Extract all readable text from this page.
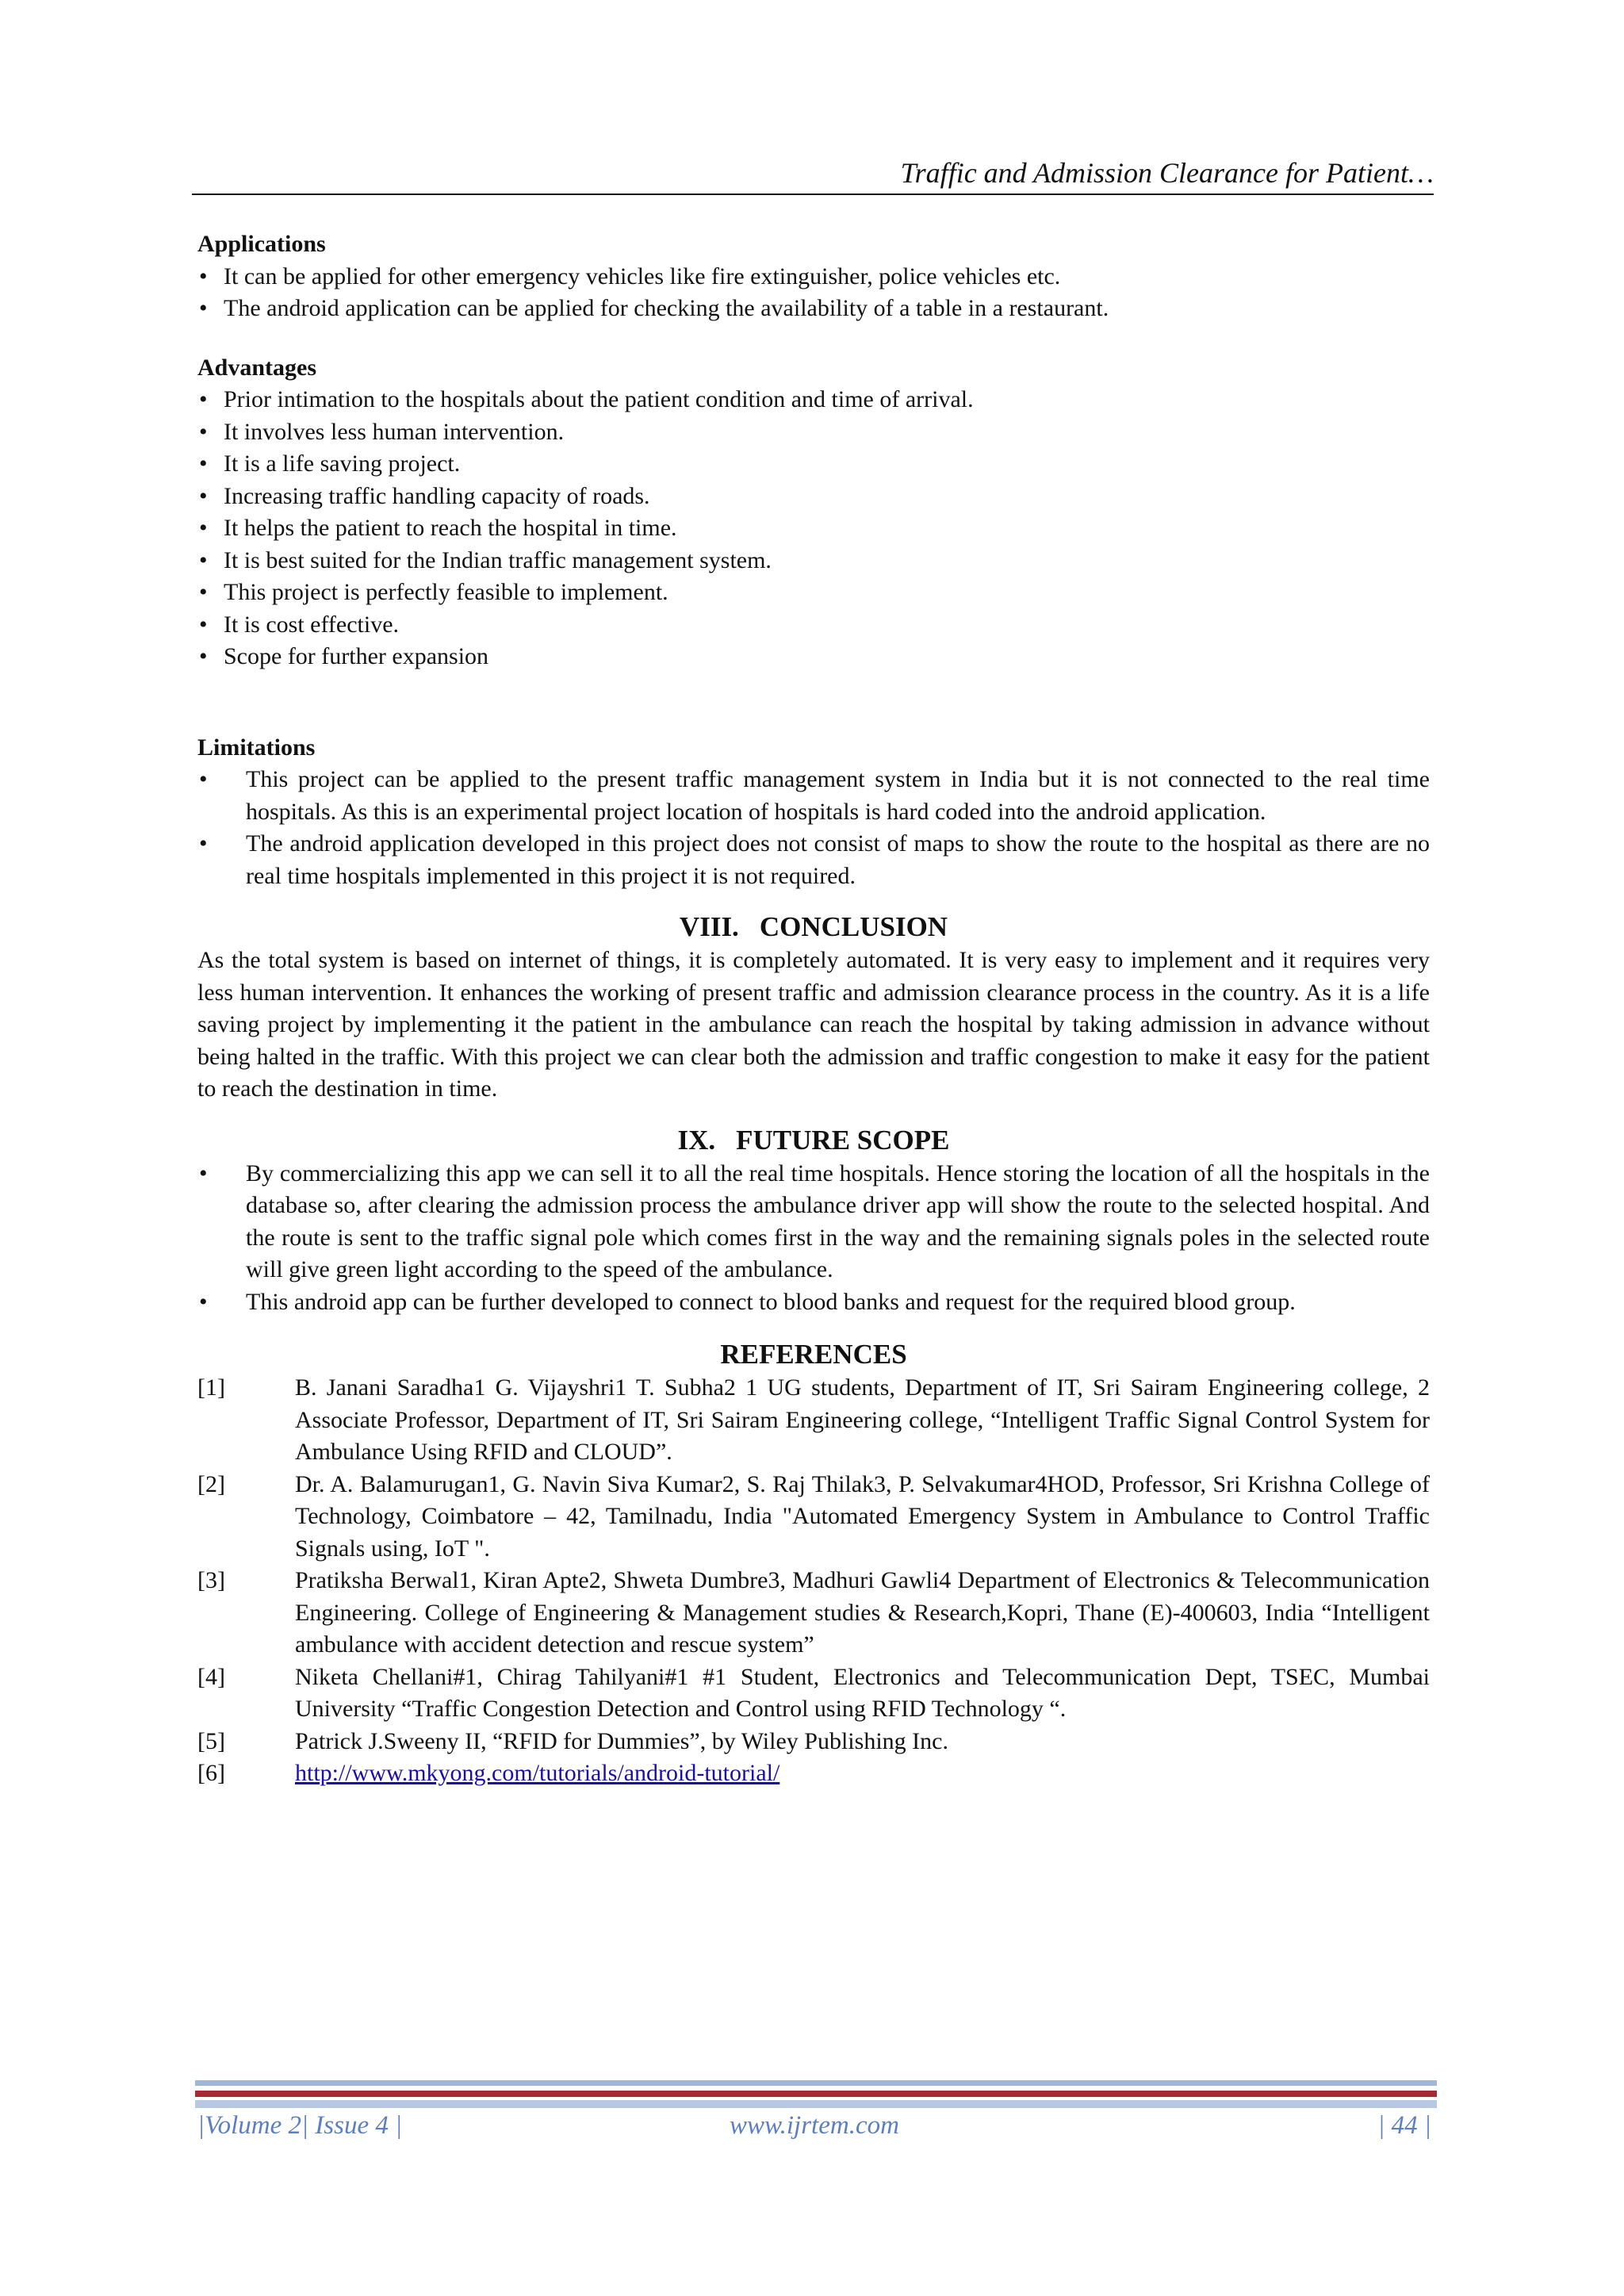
Traffic and Admission Clearance for Patient…

Applications

• It can be applied for other emergency vehicles like fire extinguisher, police vehicles etc.
• The android application can be applied for checking the availability of a table in a restaurant.

Advantages

• Prior intimation to the hospitals about the patient condition and time of arrival.
• It involves less human intervention.
• It is a life saving project.
• Increasing traffic handling capacity of roads.
• It helps the patient to reach the hospital in time.
• It is best suited for the Indian traffic management system.
• This project is perfectly feasible to implement.
• It is cost effective.
• Scope for further expansion

Limitations

• This project can be applied to the present traffic management system in India but it is not connected to the real time hospitals. As this is an experimental project location of hospitals is hard coded into the android application.
• The android application developed in this project does not consist of maps to show the route to the hospital as there are no real time hospitals implemented in this project it is not required.
VIII. CONCLUSION

As the total system is based on internet of things, it is completely automated. It is very easy to implement and it requires very less human intervention. It enhances the working of present traffic and admission clearance process in the country. As it is a life saving project by implementing it the patient in the ambulance can reach the hospital by taking admission in advance without being halted in the traffic. With this project we can clear both the admission and traffic congestion to make it easy for the patient to reach the destination in time.

IX. FUTURE SCOPE
• By commercializing this app we can sell it to all the real time hospitals. Hence storing the location of all the hospitals in the database so, after clearing the admission process the ambulance driver app will show the route to the selected hospital. And the route is sent to the traffic signal pole which comes first in the way and the remaining signals poles in the selected route will give green light according to the speed of the ambulance.
• This android app can be further developed to connect to blood banks and request for the required blood group.
REFERENCES
[1]	B. Janani Saradha1 G. Vijayshri1 T. Subha2 1 UG students, Department of IT, Sri Sairam Engineering college, 2 Associate Professor, Department of IT, Sri Sairam Engineering college, “Intelligent Traffic Signal Control System for Ambulance Using RFID and CLOUD”.
[2]	Dr. A. Balamurugan1, G. Navin Siva Kumar2, S. Raj Thilak3, P. Selvakumar4HOD, Professor, Sri Krishna College of Technology, Coimbatore – 42, Tamilnadu, India "Automated Emergency System in Ambulance to Control Traffic Signals using, IoT ".
[3]	Pratiksha Berwal1, Kiran Apte2, Shweta Dumbre3, Madhuri Gawli4 Department of Electronics & Telecommunication Engineering. College of Engineering & Management studies & Research,Kopri, Thane (E)-400603, India “Intelligent ambulance with accident detection and rescue system”
[4]	Niketa Chellani#1, Chirag Tahilyani#1 #1 Student, Electronics and Telecommunication Dept, TSEC, Mumbai University “Traffic Congestion Detection and Control using RFID Technology “.
[5]	Patrick J.Sweeny II, “RFID for Dummies”, by Wiley Publishing Inc.
[6]	http://www.mkyong.com/tutorials/android-tutorial/
|Volume 2| Issue 4 |	www.ijrtem.com	| 44 |
